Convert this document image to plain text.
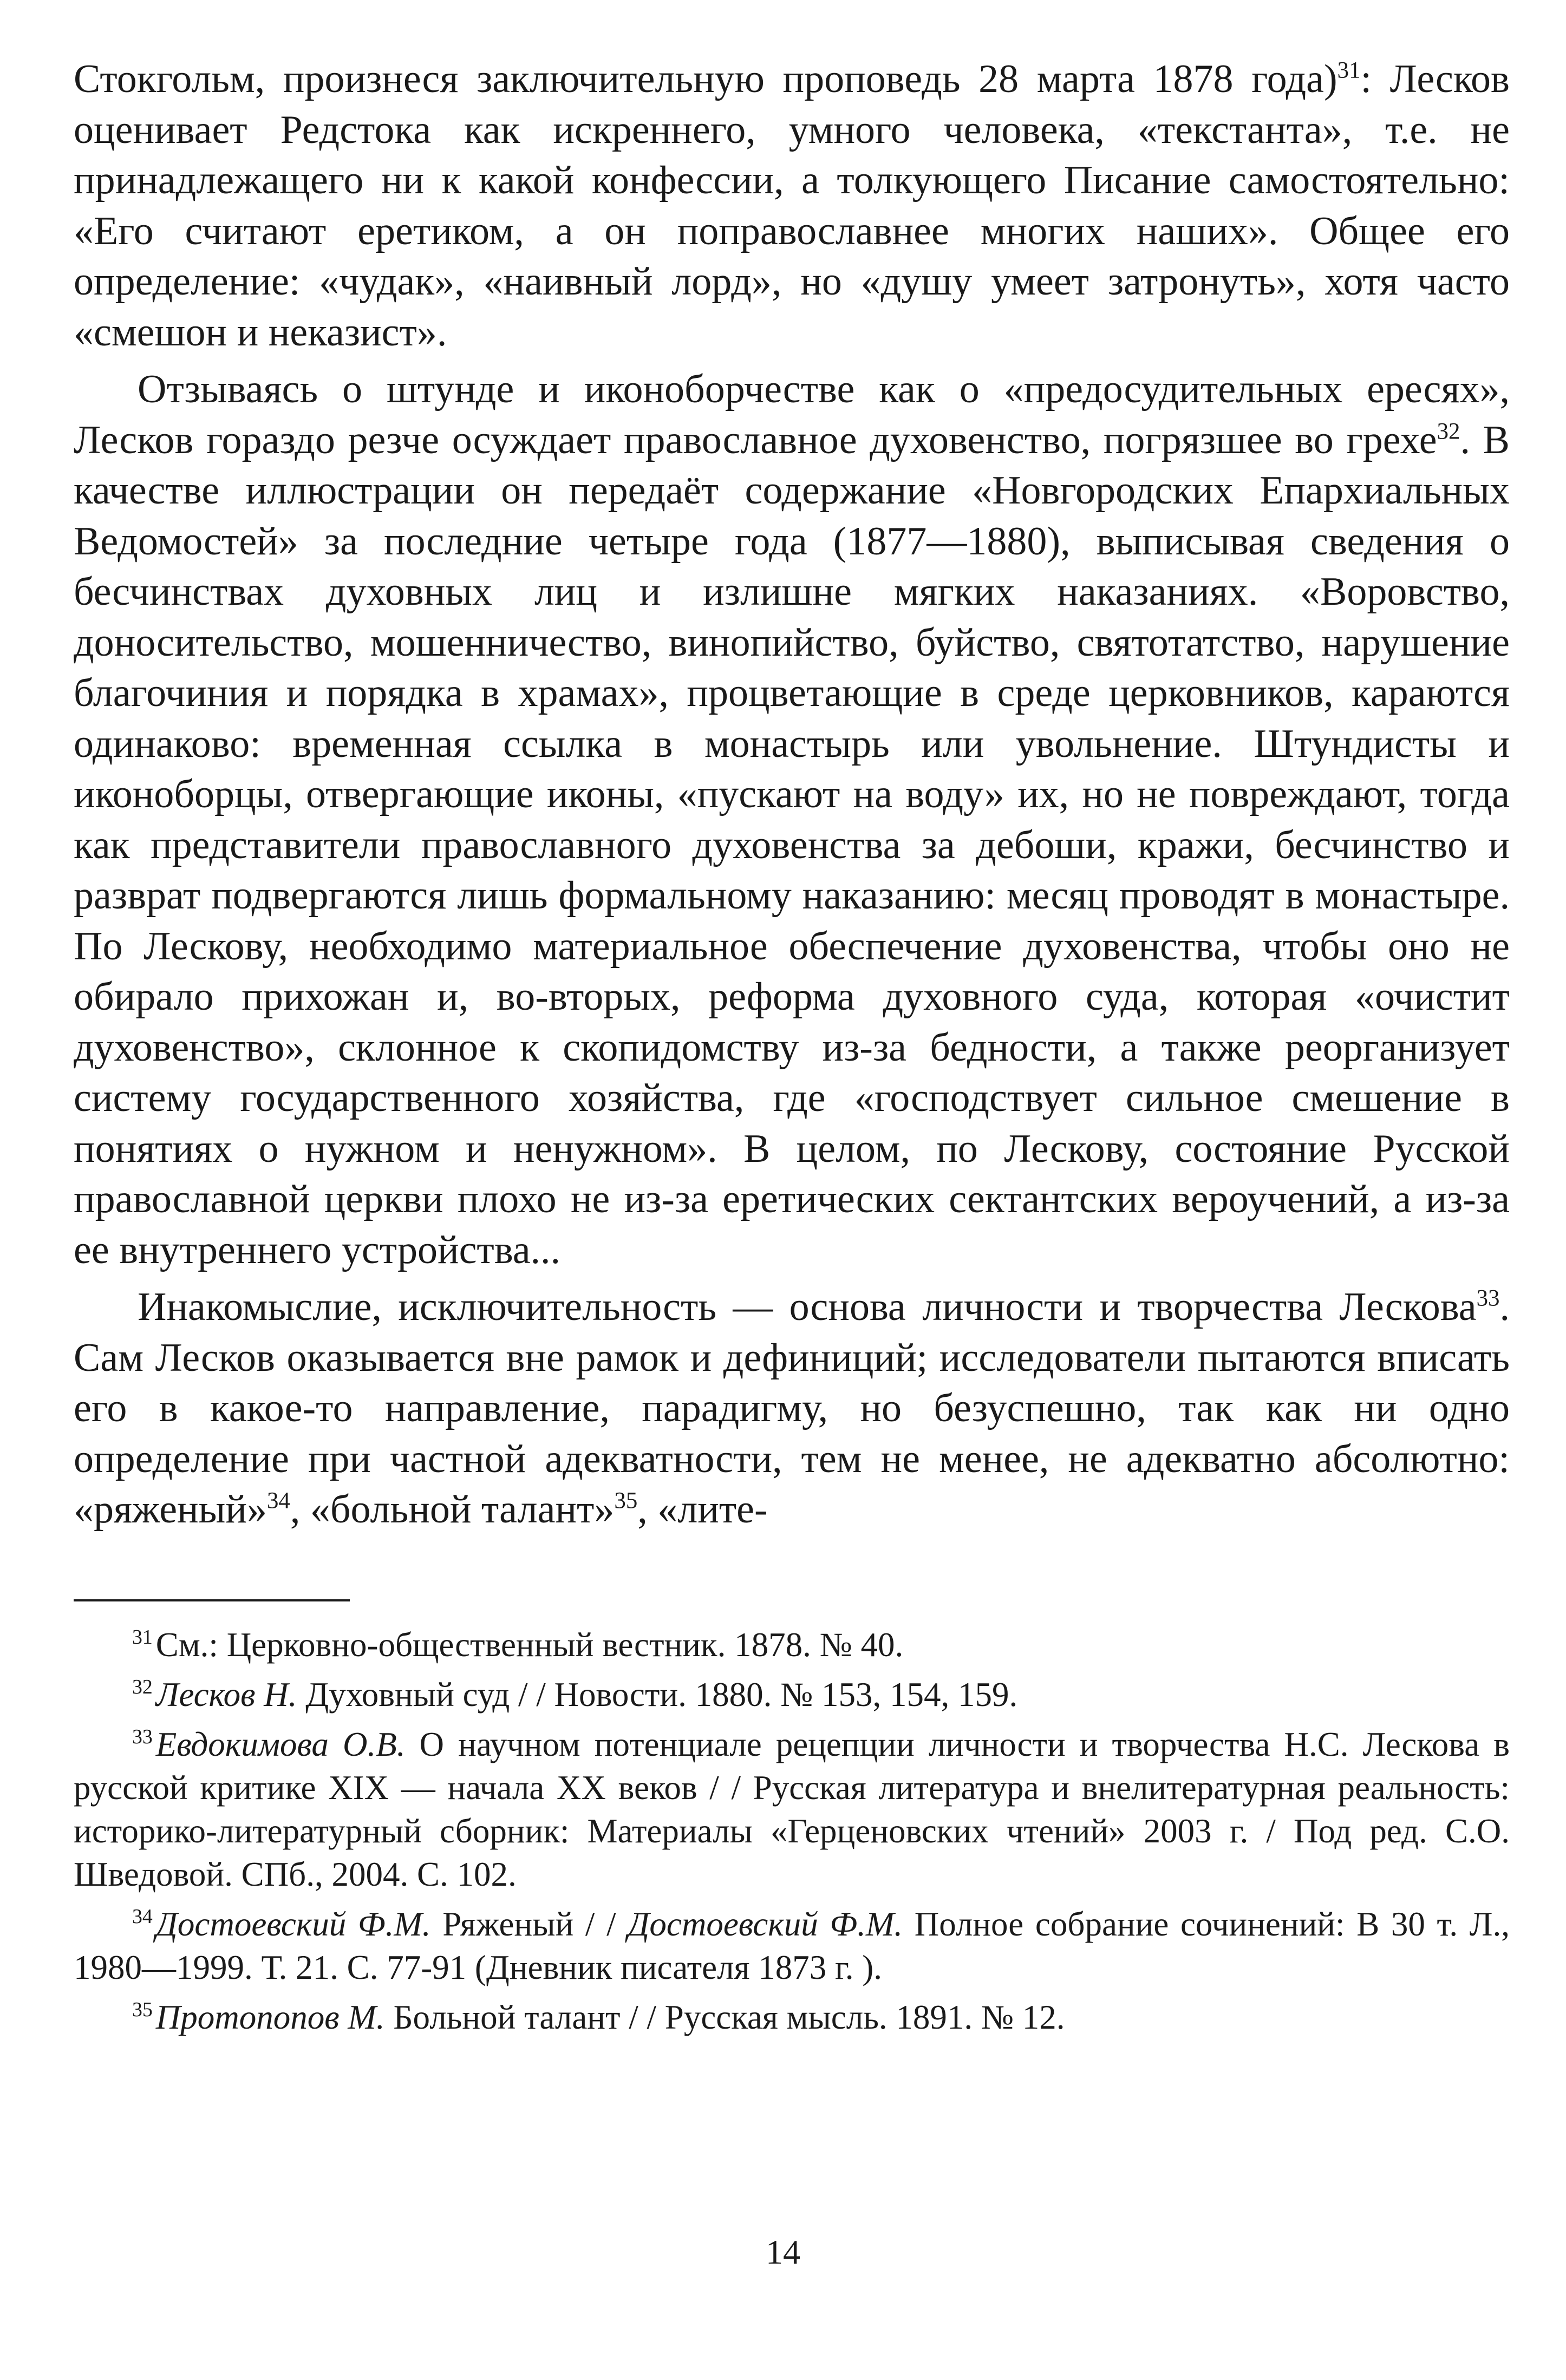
Стокгольм, произнеся заключительную проповедь 28 марта 1878 года)$^{31}$: Лесков оценивает Редстока как искреннего, умного человека, «текстанта», т.е. не принадлежащего ни к какой конфессии, а толкующего Писание самостоятельно: «Его считают еретиком, а он поправославнее многих наших». Общее его определение: «чудак», «наивный лорд», но «душу умеет затронуть», хотя часто «смешон и неказист».

Отзываясь о штунде и иконоборчестве как о «предосудительных ересях», Лесков гораздо резче осуждает православное духовенство, погрязшее во грехе$^{32}$. В качестве иллюстрации он передаёт содержание «Новгородских Епархиальных Ведомостей» за последние четыре года (1877—1880), выписывая сведения о бесчинствах духовных лиц и излишне мягких наказаниях. «Воровство, доносительство, мошенничество, винопийство, буйство, святотатство, нарушение благочиния и порядка в храмах», процветающие в среде церковников, караются одинаково: временная ссылка в монастырь или увольнение. Штундисты и иконоборцы, отвергающие иконы, «пускают на воду» их, но не повреждают, тогда как представители православного духовенства за дебоши, кражи, бесчинство и разврат подвергаются лишь формальному наказанию: месяц проводят в монастыре. По Лескову, необходимо материальное обеспечение духовенства, чтобы оно не обирало прихожан и, во-вторых, реформа духовного суда, которая «очистит духовенство», склонное к скопидомству из-за бедности, а также реорганизует систему государственного хозяйства, где «господствует сильное смешение в понятиях о нужном и ненужном». В целом, по Лескову, состояние Русской православной церкви плохо не из-за еретических сектантских вероучений, а из-за ее внутреннего устройства...

Инакомыслие, исключительность — основа личности и творчества Лескова$^{33}$. Сам Лесков оказывается вне рамок и дефиниций; исследователи пытаются вписать его в какое-то направление, парадигму, но безуспешно, так как ни одно определение при частной адекватности, тем не менее, не адекватно абсолютно: «ряженый»$^{34}$, «больной талант»$^{35}$, «лите-

$^{31}$См.: Церковно-общественный вестник. 1878. № 40.

$^{32}$Лесков Н. Духовный суд / / Новости. 1880. № 153, 154, 159.

$^{33}$Евдокимова О.В. О научном потенциале рецепции личности и творчества Н.С. Лескова в русской критике XIX — начала XX веков / / Русская литература и внелитературная реальность: историко-литературный сборник: Материалы «Герценовских чтений» 2003 г. / Под ред. С.О. Шведовой. СПб., 2004. С. 102.

$^{34}$Достоевский Ф.М. Ряженый / / Достоевский Ф.М. Полное собрание сочинений: В 30 т. Л., 1980—1999. Т. 21. С. 77-91 (Дневник писателя 1873 г. ).

$^{35}$Протопопов М. Больной талант / / Русская мысль. 1891. № 12.

14
